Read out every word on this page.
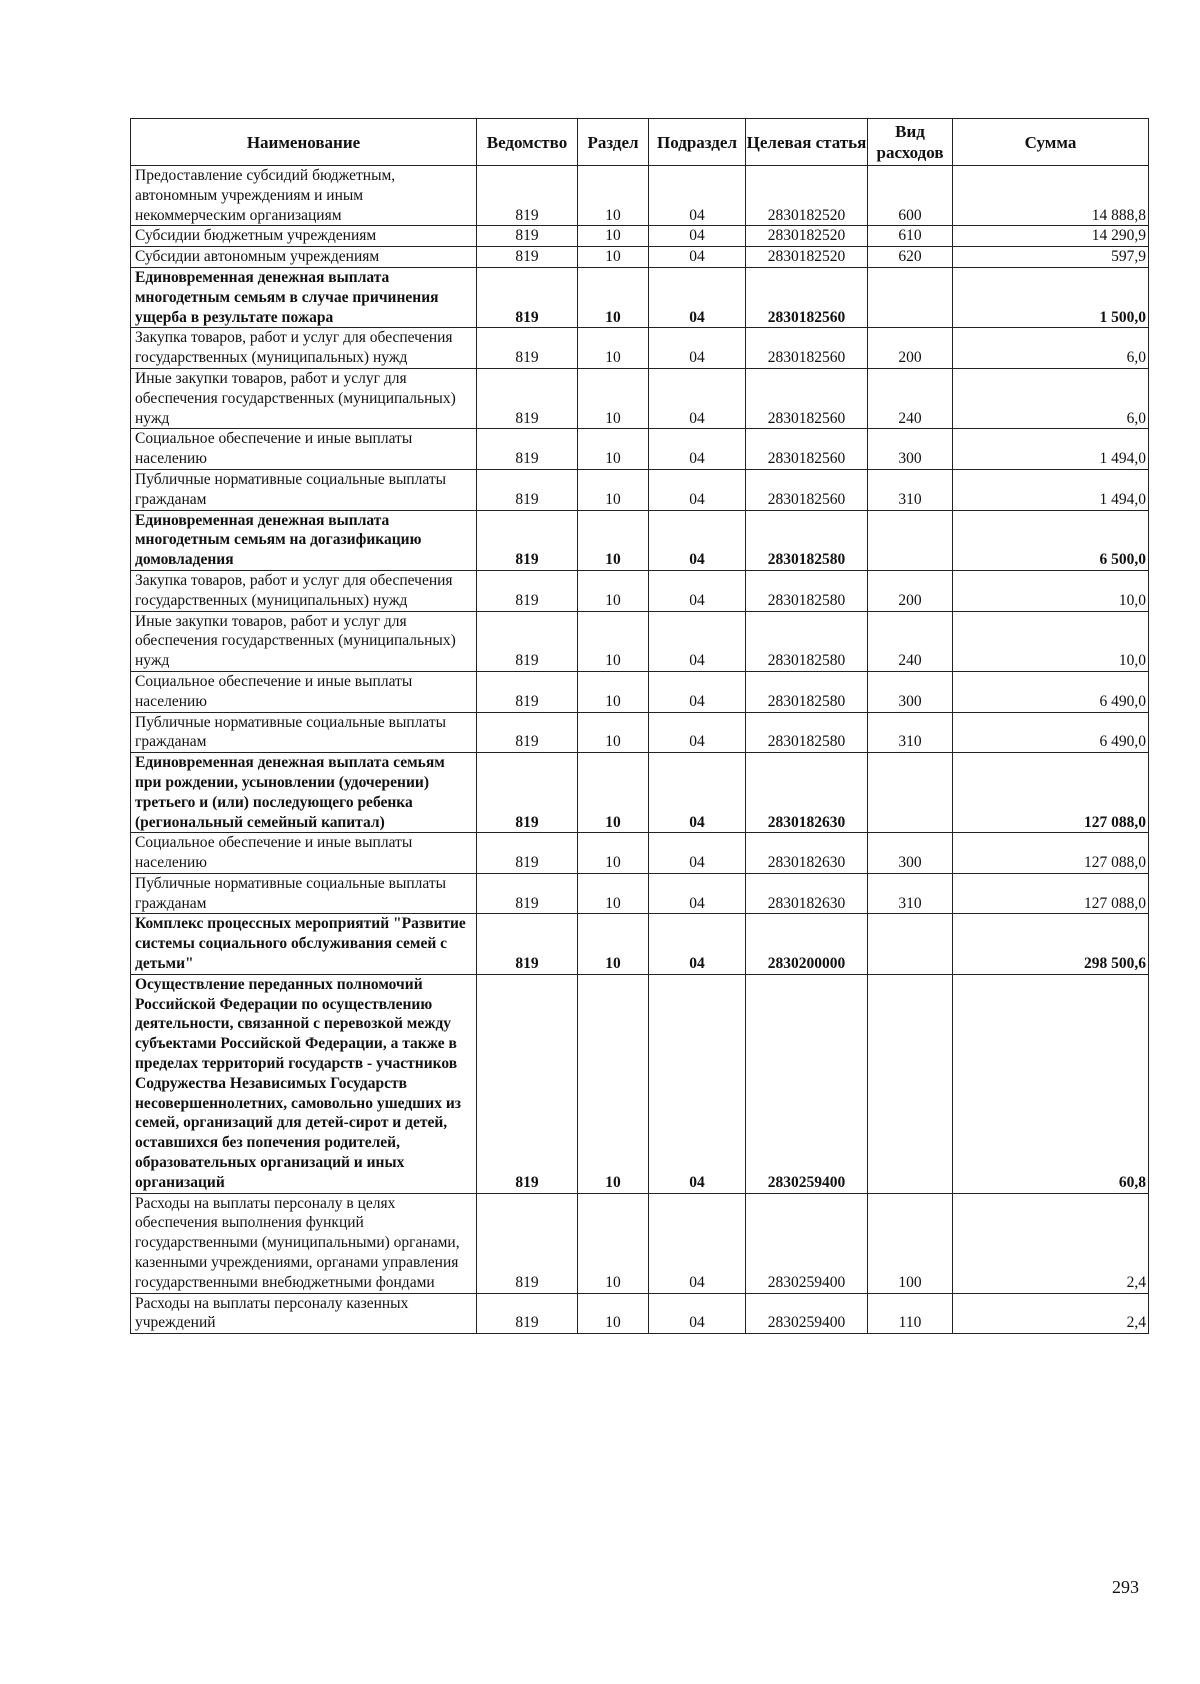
Наименование	Ведомство	Раздел	Подраздел	Целевая статья	Вид расходов	Сумма
Предоставление субсидий бюджетным, автономным учреждениям и иным некоммерческим организациям	819	10	04	2830182520	600	14 888,8
Субсидии бюджетным учреждениям	819	10	04	2830182520	610	14 290,9
Субсидии автономным учреждениям	819	10	04	2830182520	620	597,9
Единовременная денежная выплата многодетным семьям в случае причинения ущерба в результате пожара	819	10	04	2830182560		1 500,0
Закупка товаров, работ и услуг для обеспечения государственных (муниципальных) нужд	819	10	04	2830182560	200	6,0
Иные закупки товаров, работ и услуг для обеспечения государственных (муниципальных) нужд	819	10	04	2830182560	240	6,0
Социальное обеспечение и иные выплаты населению	819	10	04	2830182560	300	1 494,0
Публичные нормативные социальные выплаты гражданам	819	10	04	2830182560	310	1 494,0
Единовременная денежная выплата многодетным семьям на догазификацию домовладения	819	10	04	2830182580		6 500,0
Закупка товаров, работ и услуг для обеспечения государственных (муниципальных) нужд	819	10	04	2830182580	200	10,0
Иные закупки товаров, работ и услуг для обеспечения государственных (муниципальных) нужд	819	10	04	2830182580	240	10,0
Социальное обеспечение и иные выплаты населению	819	10	04	2830182580	300	6 490,0
Публичные нормативные социальные выплаты гражданам	819	10	04	2830182580	310	6 490,0
Единовременная денежная выплата семьям при рождении, усыновлении (удочерении) третьего и (или) последующего ребенка (региональный семейный капитал)	819	10	04	2830182630		127 088,0
Социальное обеспечение и иные выплаты населению	819	10	04	2830182630	300	127 088,0
Публичные нормативные социальные выплаты гражданам	819	10	04	2830182630	310	127 088,0
Комплекс процессных мероприятий "Развитие системы социального обслуживания семей с детьми"	819	10	04	2830200000		298 500,6
Осуществление переданных полномочий Российской Федерации по осуществлению деятельности, связанной с перевозкой между субъектами Российской Федерации, а также в пределах территорий государств - участников Содружества Независимых Государств несовершеннолетних, самовольно ушедших из семей, организаций для детей-сирот и детей, оставшихся без попечения родителей, образовательных организаций и иных организаций	819	10	04	2830259400		60,8
Расходы на выплаты персоналу в целях обеспечения выполнения функций государственными (муниципальными) органами, казенными учреждениями, органами управления государственными внебюджетными фондами	819	10	04	2830259400	100	2,4
Расходы на выплаты персоналу казенных учреждений	819	10	04	2830259400	110	2,4
293
